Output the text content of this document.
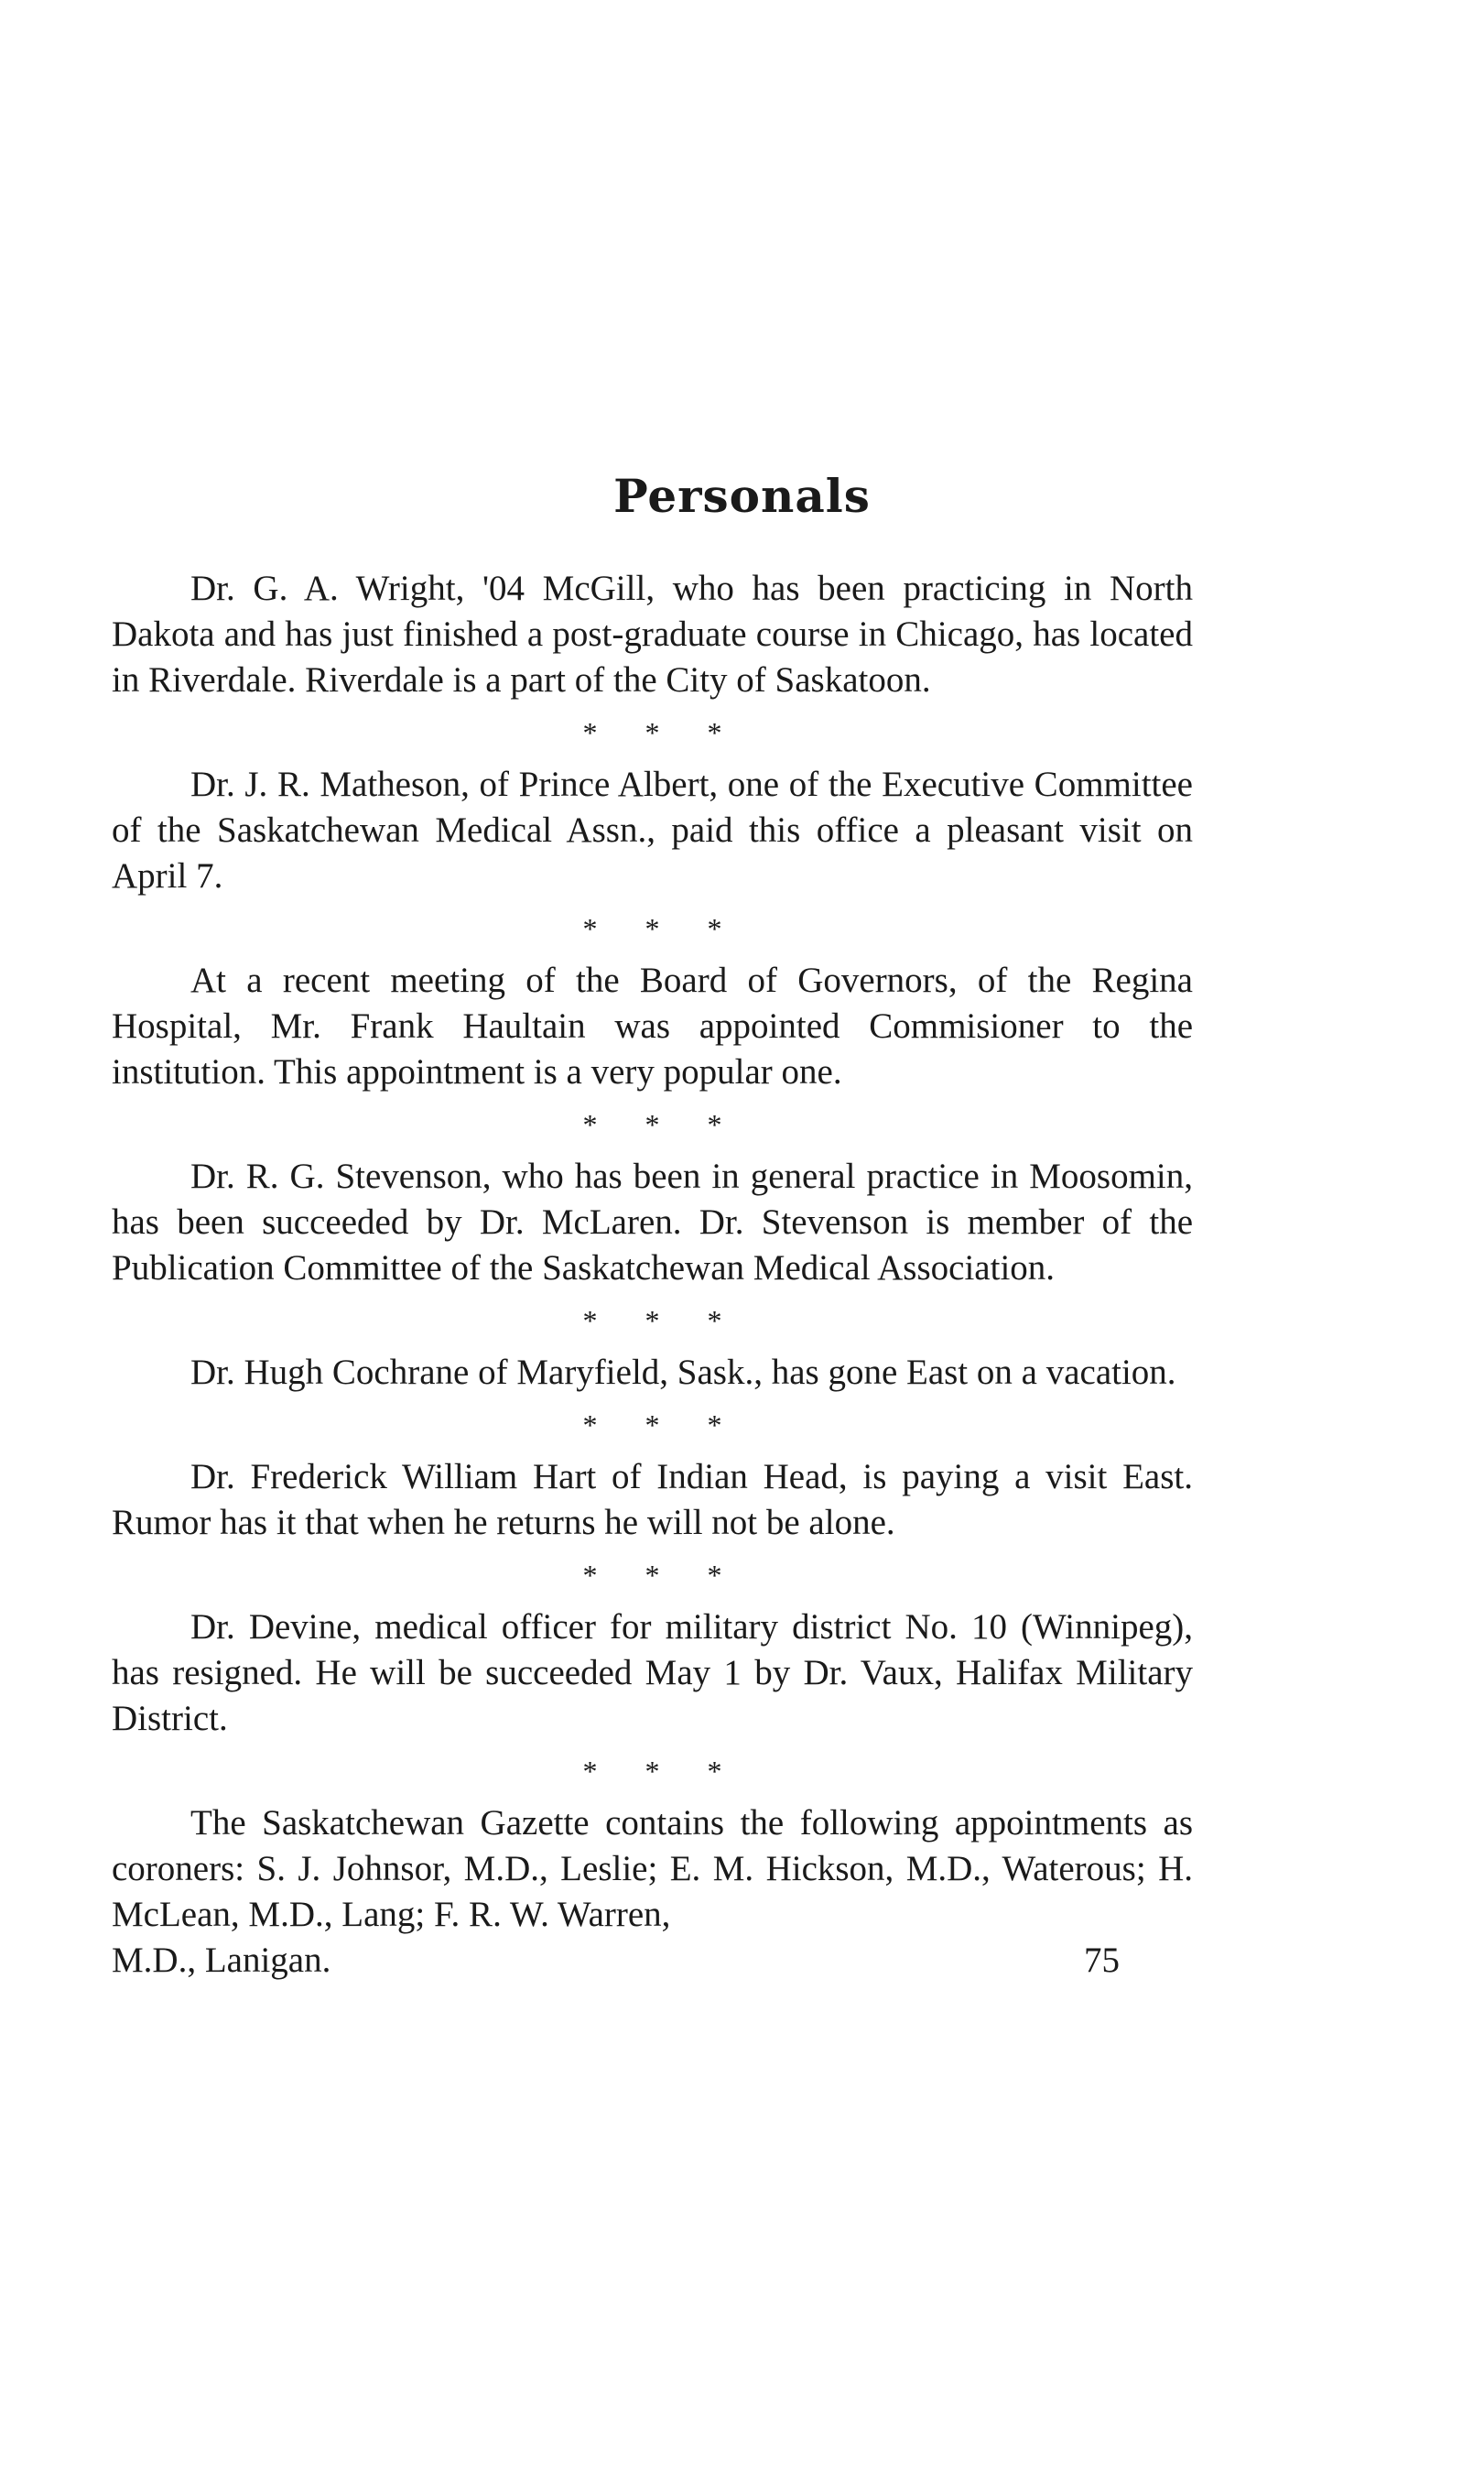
Personals

Dr. G. A. Wright, '04 McGill, who has been practicing in North Dakota and has just finished a post-graduate course in Chicago, has located in Riverdale. Riverdale is a part of the City of Saskatoon.

* * *

Dr. J. R. Matheson, of Prince Albert, one of the Executive Committee of the Saskatchewan Medical Assn., paid this office a pleasant visit on April 7.

* * *

At a recent meeting of the Board of Governors, of the Regina Hospital, Mr. Frank Haultain was appointed Commisioner to the institution. This appointment is a very popular one.

* * *

Dr. R. G. Stevenson, who has been in general practice in Moosomin, has been succeeded by Dr. McLaren. Dr. Stevenson is member of the Publication Committee of the Saskatchewan Medical Association.

* * *

Dr. Hugh Cochrane of Maryfield, Sask., has gone East on a vacation.

* * *

Dr. Frederick William Hart of Indian Head, is paying a visit East. Rumor has it that when he returns he will not be alone.

* * *

Dr. Devine, medical officer for military district No. 10 (Winnipeg), has resigned. He will be succeeded May 1 by Dr. Vaux, Halifax Military District.

* * *

The Saskatchewan Gazette contains the following appointments as coroners: S. J. Johnsor, M.D., Leslie; E. M. Hickson, M.D., Waterous; H. McLean, M.D., Lang; F. R. W. Warren,

M.D., Lanigan.	75
